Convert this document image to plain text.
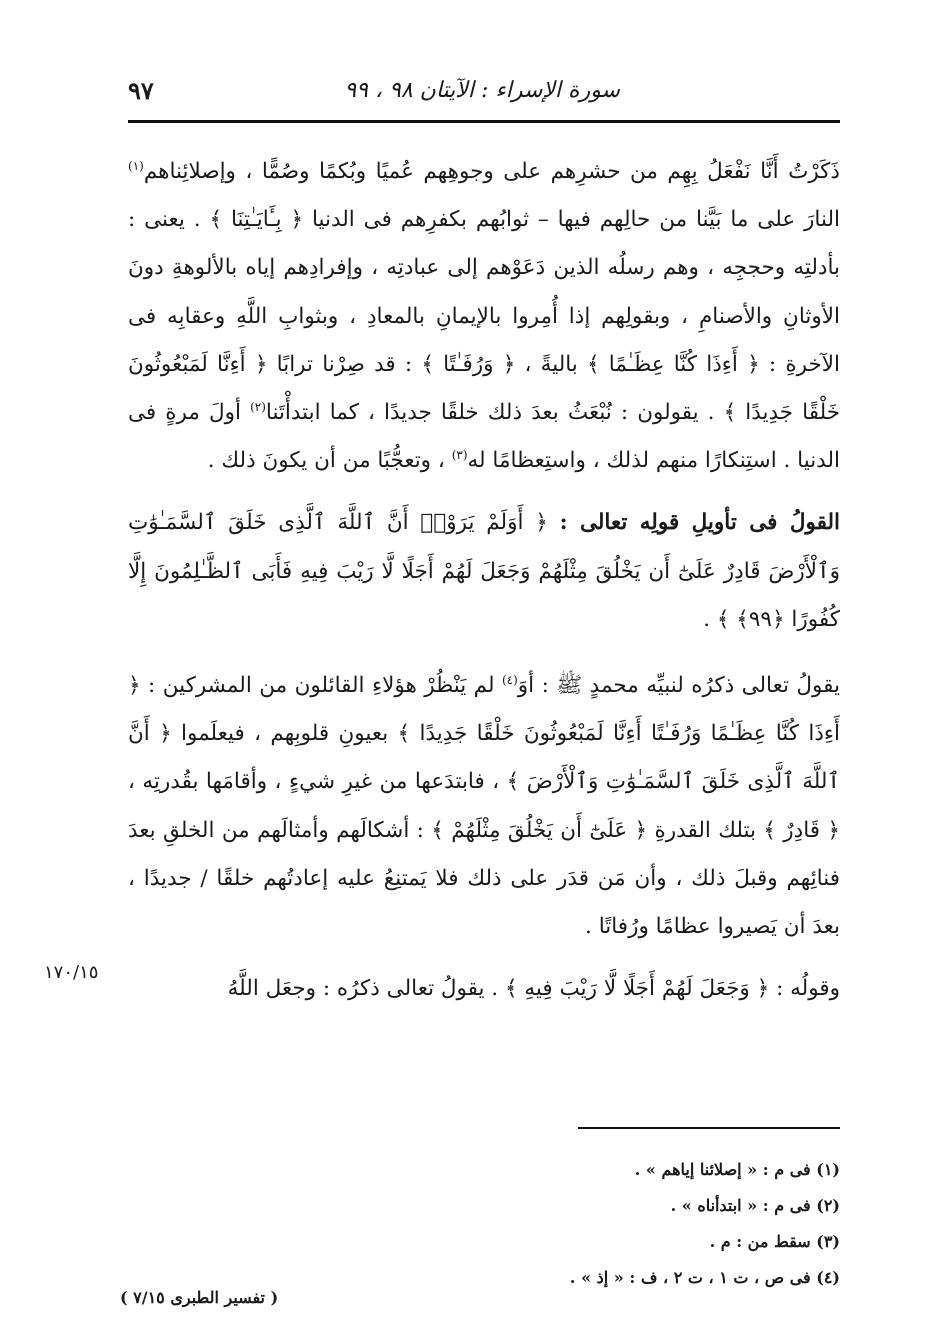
٩٧	سورة الإسراء : الآيتان ٩٨ ، ٩٩

ذَكَرْتُ أَنَّا نَفْعَلُ بِهِم من حشرِهم على وجوهِهم عُميًا وبُكمًا وصُمًّا ، وإصلائِناهم$^{(١)}$ النارَ على ما بَيَّنا من حالِهم فيها – ثوابُهم بكفرِهم فى الدنيا ﴿ بِـَٔايَـٰتِنَا ﴾ . يعنى : بأدلتِه وحججِه ، وهم رسلُه الذين دَعَوْهم إلى عبادتِه ، وإفرادِهم إياه بالألوهةِ دونَ الأوثانِ والأصنامِ ، وبقولِهم إذا أُمِروا بالإيمانِ بالمعادِ ، وبثوابِ اللَّهِ وعقابِه فى الآخرةِ : ﴿ أَءِذَا كُنَّا عِظَـٰمًا ﴾ باليةً ، ﴿ وَرُفَـٰتًا ﴾ : قد صِرْنا ترابًا ﴿ أَءِنَّا لَمَبْعُوثُونَ خَلْقًا جَدِيدًا ﴾ . يقولون : نُبْعَثُ بعدَ ذلك خلقًا جديدًا ، كما ابتدأْتَنا$^{(٢)}$ أولَ مرةٍ فى الدنيا . استِنكارًا منهم لذلك ، واستِعظامًا له$^{(٣)}$ ، وتعجُّبًا من أن يكونَ ذلك .

القولُ فى تأويلِ قولِه تعالى : ﴿ أَوَلَمْ يَرَوْا۟ أَنَّ ٱللَّهَ ٱلَّذِى خَلَقَ ٱلسَّمَـٰوَٰتِ وَٱلْأَرْضَ قَادِرٌ عَلَىٰٓ أَن يَخْلُقَ مِثْلَهُمْ وَجَعَلَ لَهُمْ أَجَلًا لَّا رَيْبَ فِيهِ فَأَبَى ٱلظَّـٰلِمُونَ إِلَّا كُفُورًا ﴿٩٩﴾ ﴾ .

يقولُ تعالى ذكرُه لنبيِّه محمدٍ ﷺ : أوَ$^{(٤)}$ لم يَنْظُرْ هؤلاءِ القائلون من المشركين : ﴿ أَءِذَا كُنَّا عِظَـٰمًا وَرُفَـٰتًا أَءِنَّا لَمَبْعُوثُونَ خَلْقًا جَدِيدًا ﴾ بعيونِ قلوبِهم ، فيعلَموا ﴿ أَنَّ ٱللَّهَ ٱلَّذِى خَلَقَ ٱلسَّمَـٰوَٰتِ وَٱلْأَرْضَ ﴾ ، فابتدَعها من غيرِ شيءٍ ، وأقامَها بقُدرتِه ، ﴿ قَادِرٌ ﴾ بتلك القدرةِ ﴿ عَلَىٰٓ أَن يَخْلُقَ مِثْلَهُمْ ﴾ : أشكالَهم وأمثالَهم من الخلقِ بعدَ فنائِهم وقبلَ ذلك ، وأن مَن قدَر على ذلك فلا يَمتنِعُ عليه إعادتُهم خلقًا / جديدًا ، بعدَ أن يَصيروا عظامًا ورُفاتًا .

وقولُه : ﴿ وَجَعَلَ لَهُمْ أَجَلًا لَّا رَيْبَ فِيهِ ﴾ . يقولُ تعالى ذكرُه : وجعَل اللَّهُ

١٧٠/١٥
(١) فى م : « إصلائنا إياهم » .
(٢) فى م : « ابتدأناه » .
(٣) سقط من : م .
(٤) فى ص ، ت ١ ، ت ٢ ، ف : « إذ » .
( تفسير الطبرى ٧/١٥ )
